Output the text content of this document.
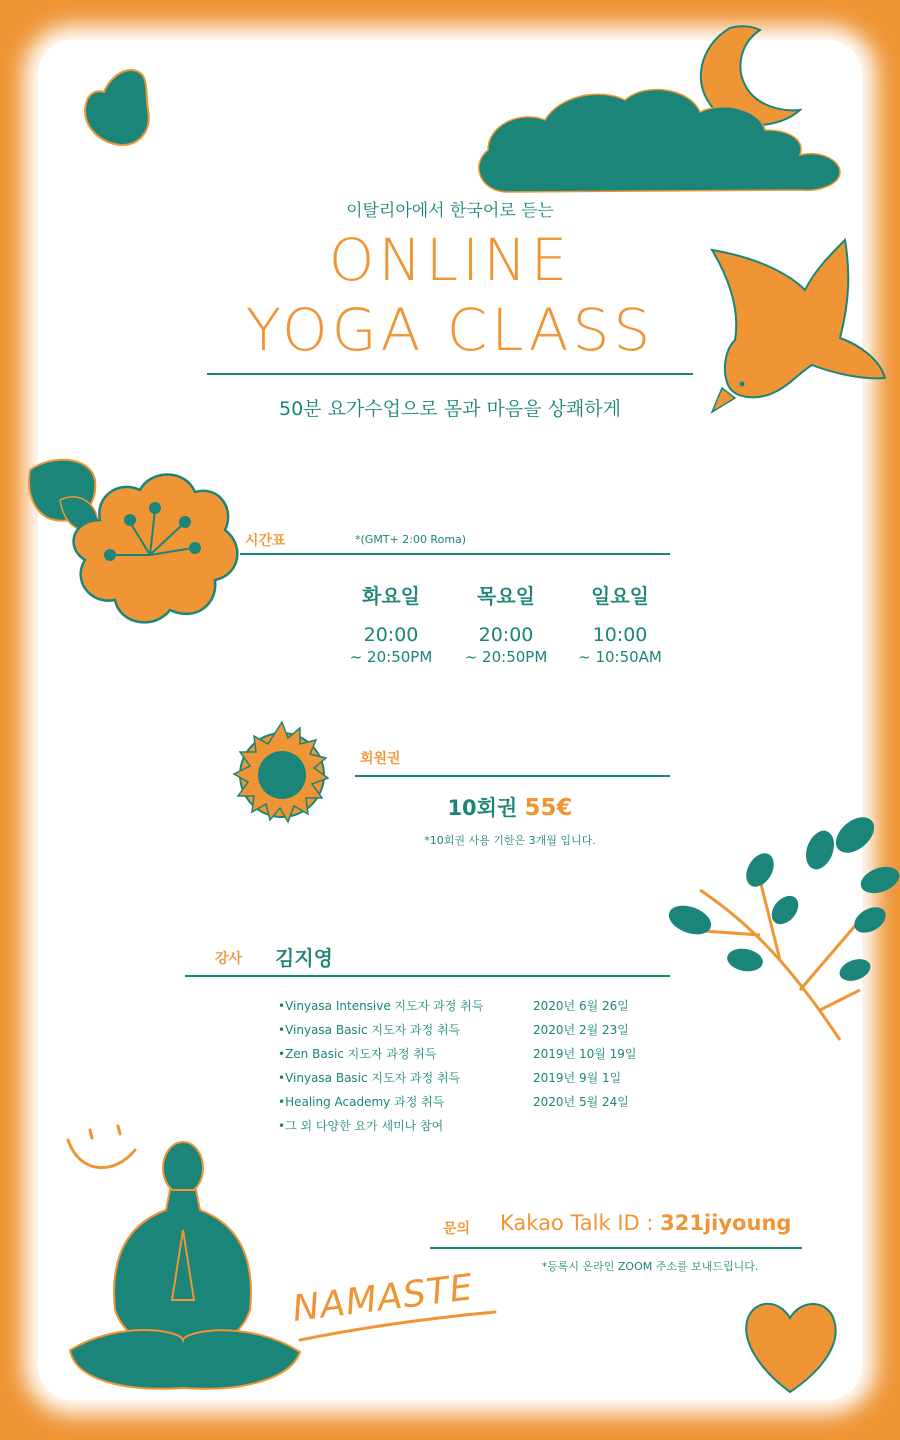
이탈리아에서 한국어로 듣는
ONLINE
YOGA CLASS
50분 요가수업으로 몸과 마음을 상쾌하게
시간표	*(GMT+ 2:00 Roma)
화요일	목요일	일요일
20:00	20:00	10:00
~ 20:50PM	~ 20:50PM	~ 10:50AM
회원권
10회권 55€
*10회권 사용 기한은 3개월 입니다.
강사 김지영
•Vinyasa Intensive 지도자 과정 취득	2020년 6월 26일
•Vinyasa Basic 지도자 과정 취득	2020년 2월 23일
•Zen Basic 지도자 과정 취득	2019년 10월 19일
•Vinyasa Basic 지도자 과정 취득	2019년 9월 1일
•Healing Academy 과정 취득	2020년 5월 24일
•그 외 다양한 요가 세미나 참여
문의 Kakao Talk ID : 321jiyoung
*등록시 온라인 ZOOM 주소를 보내드립니다.
NAMASTE
